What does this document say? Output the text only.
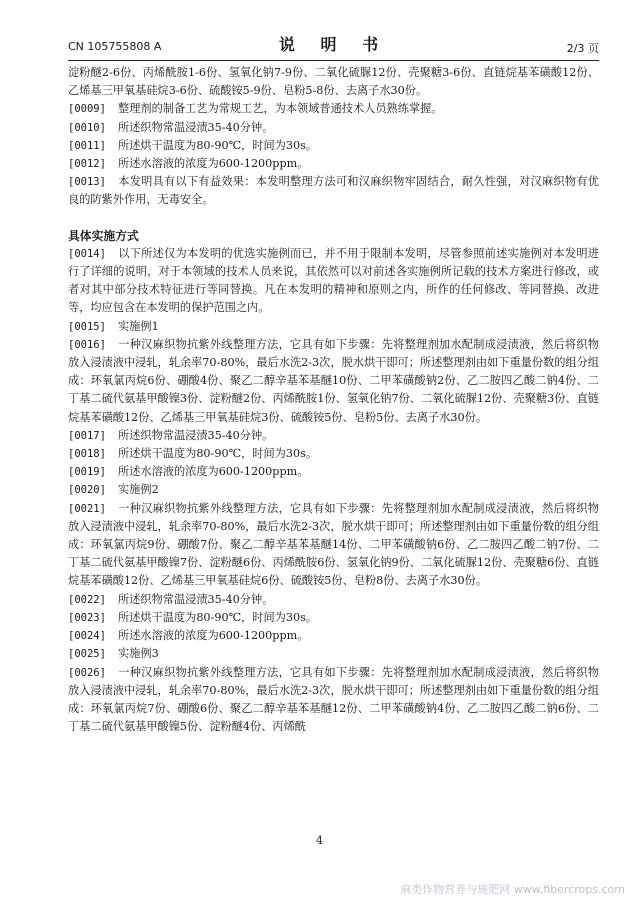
CN 105755808 A	说 明 书	2/3 页
淀粉醚2-6份、丙烯酰胺1-6份、氢氧化钠7-9份、二氧化硫脲12份、壳聚糖3-6份、直链烷基苯磺酸12份、乙烯基三甲氧基硅烷3-6份、硫酸铵5-9份、皂粉5-8份、去离子水30份。
[0009] 整理剂的制备工艺为常规工艺，为本领域普通技术人员熟练掌握。
[0010] 所述织物常温浸渍35-40分钟。
[0011] 所述烘干温度为80-90℃，时间为30s。
[0012] 所述水溶液的浓度为600-1200ppm。
[0013] 本发明具有以下有益效果：本发明整理方法可和汉麻织物牢固结合，耐久性强，对汉麻织物有优良的防紫外作用，无毒安全。
具体实施方式
[0014] 以下所述仅为本发明的优选实施例而已，并不用于限制本发明，尽管参照前述实施例对本发明进行了详细的说明，对于本领域的技术人员来说，其依然可以对前述各实施例所记载的技术方案进行修改，或者对其中部分技术特征进行等同替换。凡在本发明的精神和原则之内，所作的任何修改、等同替换、改进等，均应包含在本发明的保护范围之内。
[0015] 实施例1
[0016] 一种汉麻织物抗紫外线整理方法，它具有如下步骤：先将整理剂加水配制成浸渍液，然后将织物放入浸渍液中浸轧，轧余率70-80%，最后水洗2-3次，脱水烘干即可；所述整理剂由如下重量份数的组分组成：环氧氯丙烷6份、硼酸4份、聚乙二醇辛基苯基醚10份、二甲苯磺酸钠2份、乙二胺四乙酸二钠4份、二丁基二硫代氨基甲酸镍3份、淀粉醚2份、丙烯酰胺1份、氢氧化钠7份、二氧化硫脲12份、壳聚糖3份、直链烷基苯磺酸12份、乙烯基三甲氧基硅烷3份、硫酸铵5份、皂粉5份、去离子水30份。
[0017] 所述织物常温浸渍35-40分钟。
[0018] 所述烘干温度为80-90℃，时间为30s。
[0019] 所述水溶液的浓度为600-1200ppm。
[0020] 实施例2
[0021] 一种汉麻织物抗紫外线整理方法，它具有如下步骤：先将整理剂加水配制成浸渍液，然后将织物放入浸渍液中浸轧，轧余率70-80%，最后水洗2-3次，脱水烘干即可；所述整理剂由如下重量份数的组分组成：环氧氯丙烷9份、硼酸7份、聚乙二醇辛基苯基醚14份、二甲苯磺酸钠6份、乙二胺四乙酸二钠7份、二丁基二硫代氨基甲酸镍7份、淀粉醚6份、丙烯酰胺6份、氢氧化钠9份、二氧化硫脲12份、壳聚糖6份、直链烷基苯磺酸12份、乙烯基三甲氧基硅烷6份、硫酸铵5份、皂粉8份、去离子水30份。
[0022] 所述织物常温浸渍35-40分钟。
[0023] 所述烘干温度为80-90℃，时间为30s。
[0024] 所述水溶液的浓度为600-1200ppm。
[0025] 实施例3
[0026] 一种汉麻织物抗紫外线整理方法，它具有如下步骤：先将整理剂加水配制成浸渍液，然后将织物放入浸渍液中浸轧，轧余率70-80%，最后水洗2-3次，脱水烘干即可；所述整理剂由如下重量份数的组分组成：环氧氯丙烷7份、硼酸6份、聚乙二醇辛基苯基醚12份、二甲苯磺酸钠4份、乙二胺四乙酸二钠6份、二丁基二硫代氨基甲酸镍5份、淀粉醚4份、丙烯酰
4
麻类作物营养与施肥网 www.fibercrops.com
